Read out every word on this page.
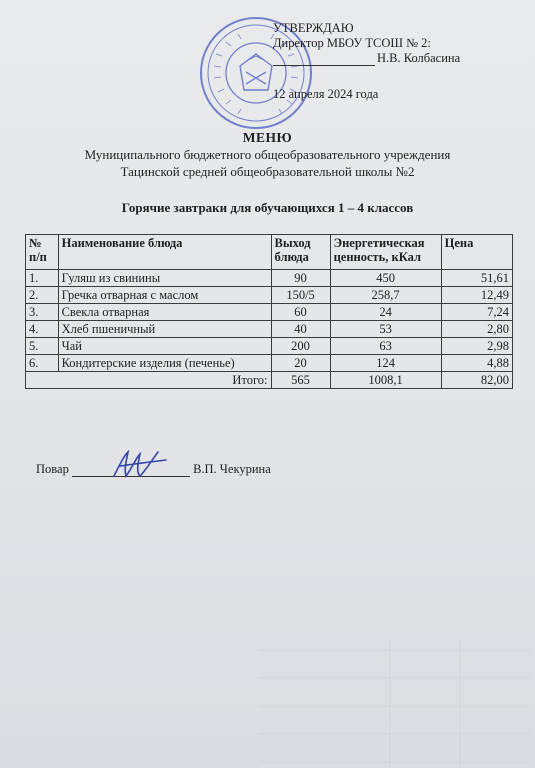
УТВЕРЖДАЮ
Директор МБОУ ТСОШ № 2:
Н.В. Колбасина
12 апреля 2024 года
МЕНЮ
Муниципального бюджетного общеобразовательного учреждения
Тацинской средней общеобразовательной школы №2
Горячие завтраки для обучающихся 1 – 4 классов
№ п/п	Наименование блюда	Выход блюда	Энергетическая ценность, кКал	Цена
1.	Гуляш из свинины	90	450	51,61
2.	Гречка отварная с маслом	150/5	258,7	12,49
3.	Свекла отварная	60	24	7,24
4.	Хлеб пшеничный	40	53	2,80
5.	Чай	200	63	2,98
6.	Кондитерские изделия (печенье)	20	124	4,88
Итого:		565	1008,1	82,00
Повар	В.П. Чекурина
